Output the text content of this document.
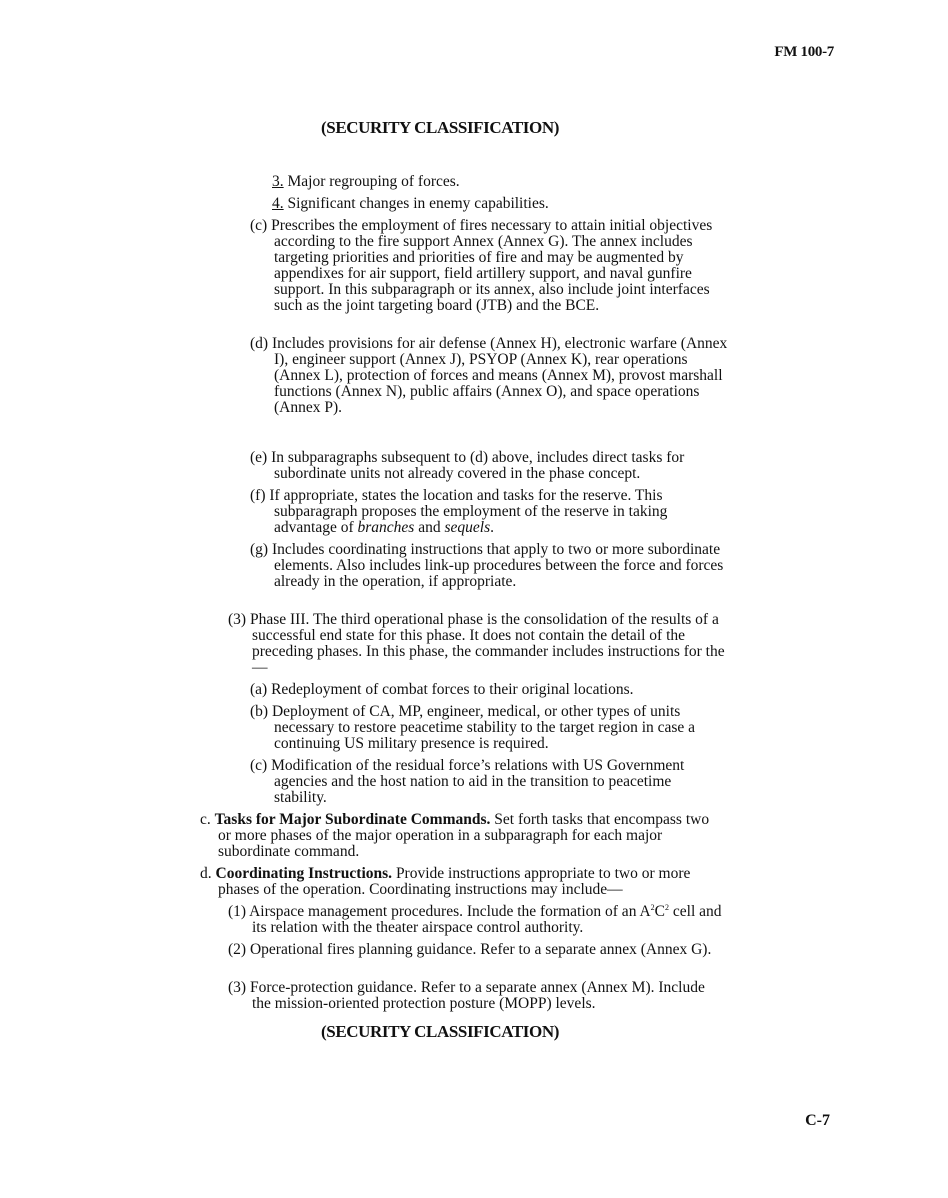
FM 100-7
(SECURITY CLASSIFICATION)

3. Major regrouping of forces.

4. Significant changes in enemy capabilities.

(c) Prescribes the employment of fires necessary to attain initial objectives according to the fire support Annex (Annex G). The annex includes targeting priorities and priorities of fire and may be augmented by appendixes for air support, field artillery support, and naval gunfire support. In this subparagraph or its annex, also include joint interfaces such as the joint targeting board (JTB) and the BCE.

(d) Includes provisions for air defense (Annex H), electronic warfare (Annex I), engineer support (Annex J), PSYOP (Annex K), rear operations (Annex L), protection of forces and means (Annex M), provost marshall functions (Annex N), public affairs (Annex O), and space operations (Annex P).

(e) In subparagraphs subsequent to (d) above, includes direct tasks for subordinate units not already covered in the phase concept.

(f) If appropriate, states the location and tasks for the reserve. This subparagraph proposes the employment of the reserve in taking advantage of branches and sequels.

(g) Includes coordinating instructions that apply to two or more subordinate elements. Also includes link-up procedures between the force and forces already in the operation, if appropriate.

(3) Phase III. The third operational phase is the consolidation of the results of a successful end state for this phase. It does not contain the detail of the preceding phases. In this phase, the commander includes instructions for the—

(a) Redeployment of combat forces to their original locations.

(b) Deployment of CA, MP, engineer, medical, or other types of units necessary to restore peacetime stability to the target region in case a continuing US military presence is required.

(c) Modification of the residual force’s relations with US Government agencies and the host nation to aid in the transition to peacetime stability.

c. Tasks for Major Subordinate Commands. Set forth tasks that encompass two or more phases of the major operation in a subparagraph for each major subordinate command.

d. Coordinating Instructions. Provide instructions appropriate to two or more phases of the operation. Coordinating instructions may include—

(1) Airspace management procedures. Include the formation of an $A^2C^2$ cell and its relation with the theater airspace control authority.

(2) Operational fires planning guidance. Refer to a separate annex (Annex G).

(3) Force-protection guidance. Refer to a separate annex (Annex M). Include the mission-oriented protection posture (MOPP) levels.

(SECURITY CLASSIFICATION)
C-7
